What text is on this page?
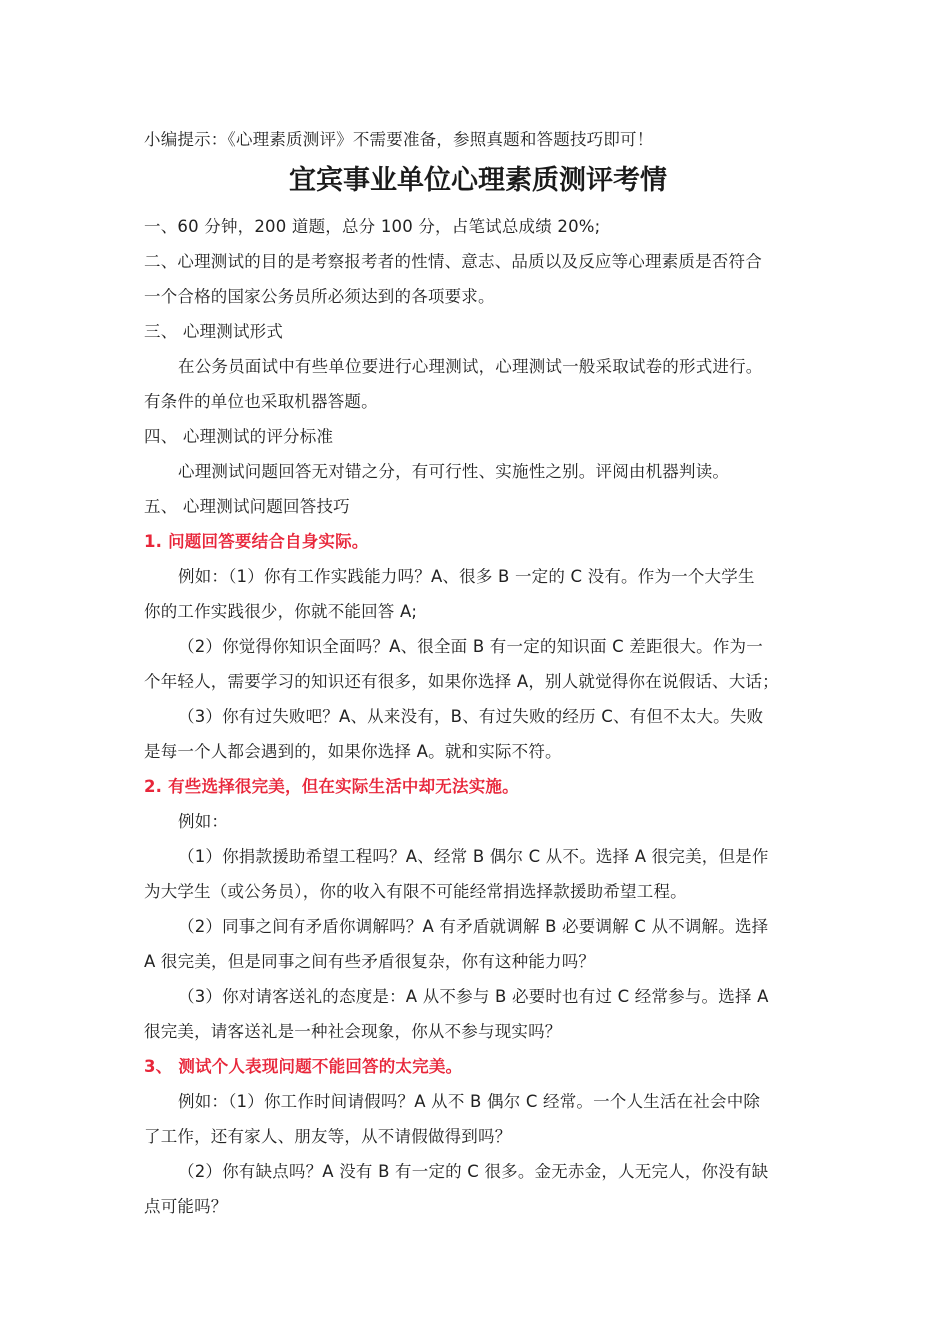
小编提示：《心理素质测评》不需要准备，参照真题和答题技巧即可！
宜宾事业单位心理素质测评考情
一、60 分钟，200 道题，总分 100 分，占笔试总成绩 20%;
二、心理测试的目的是考察报考者的性情、意志、品质以及反应等心理素质是否符合
一个合格的国家公务员所必须达到的各项要求。
三、 心理测试形式
在公务员面试中有些单位要进行心理测试，心理测试一般采取试卷的形式进行。
有条件的单位也采取机器答题。
四、 心理测试的评分标准
心理测试问题回答无对错之分，有可行性、实施性之别。评阅由机器判读。
五、 心理测试问题回答技巧
1. 问题回答要结合自身实际。
例如：（1）你有工作实践能力吗？A、很多 B 一定的 C 没有。作为一个大学生
你的工作实践很少，你就不能回答 A;
（2）你觉得你知识全面吗？A、很全面 B 有一定的知识面 C 差距很大。作为一
个年轻人，需要学习的知识还有很多，如果你选择 A，别人就觉得你在说假话、大话；
（3）你有过失败吧？A、从来没有，B、有过失败的经历 C、有但不太大。失败
是每一个人都会遇到的，如果你选择 A。就和实际不符。
2. 有些选择很完美，但在实际生活中却无法实施。
例如：
（1）你捐款援助希望工程吗？A、经常 B 偶尔 C 从不。选择 A 很完美，但是作
为大学生（或公务员），你的收入有限不可能经常捐选择款援助希望工程。
（2）同事之间有矛盾你调解吗？A 有矛盾就调解 B 必要调解 C 从不调解。选择
A 很完美，但是同事之间有些矛盾很复杂，你有这种能力吗？
（3）你对请客送礼的态度是：A 从不参与 B 必要时也有过 C 经常参与。选择 A
很完美，请客送礼是一种社会现象，你从不参与现实吗？
3、 测试个人表现问题不能回答的太完美。
例如：（1）你工作时间请假吗？A 从不 B 偶尔 C 经常。一个人生活在社会中除
了工作，还有家人、朋友等，从不请假做得到吗？
（2）你有缺点吗？A 没有 B 有一定的 C 很多。金无赤金，人无完人，你没有缺
点可能吗？
